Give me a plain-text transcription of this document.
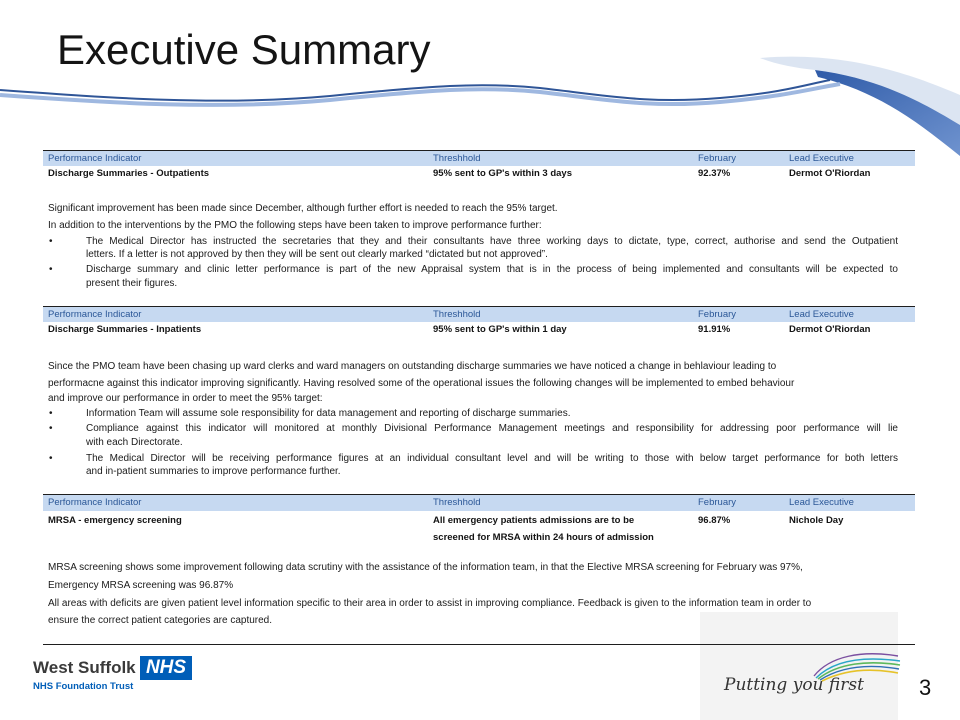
Executive Summary
Performance Indicator	Threshhold	February	Lead Executive
Discharge Summaries - Outpatients	95% sent to GP's within 3 days	92.37%	Dermot O'Riordan

Significant improvement has been made since December, although further effort is needed to reach the 95% target.

In addition to the interventions by the PMO the following steps have been taken to improve performance further:

•	The Medical Director has instructed the secretaries that they and their consultants have three working days to dictate, type, correct, authorise and send the Outpatient
letters. If a letter is not approved by then they will be sent out clearly marked “dictated but not approved”.
•	Discharge summary and clinic letter performance is part of the new Appraisal system that is in the process of being implemented and consultants will be expected to
present their figures.
Performance Indicator	Threshhold	February	Lead Executive
Discharge Summaries - Inpatients	95% sent to GP's within 1 day	91.91%	Dermot O'Riordan

Since the PMO team have been chasing up ward clerks and ward managers on outstanding discharge summaries we have noticed a change in behlaviour leading to

performacne against this indicator improving significantly. Having resolved some of the operational issues the following changes will be implemented to embed behaviour

and improve our performance in order to meet the 95% target:

•	Information Team will assume sole responsibility for data management and reporting of discharge summaries.
•	Compliance against this indicator will monitored at monthly Divisional Performance Management meetings and responsibility for addressing poor performance will lie
with each Directorate.
•	The Medical Director will be receiving performance figures at an individual consultant level and will be writing to those with below target performance for both letters
and in-patient summaries to improve performance further.
Performance Indicator	Threshhold	February	Lead Executive
MRSA - emergency screening	All emergency patients admissions are to be
screened for MRSA within 24 hours of admission
96.87%	Nichole Day

MRSA screening shows some improvement following data scrutiny with the assistance of the information team, in that the Elective MRSA screening for February was 97%,

Emergency MRSA screening was 96.87%

All areas with deficits are given patient level information specific to their area in order to assist in improving compliance. Feedback is given to the information team in order to

ensure the correct patient categories are captured.

West Suffolk NHS
NHS Foundation Trust	Putting you first	3
